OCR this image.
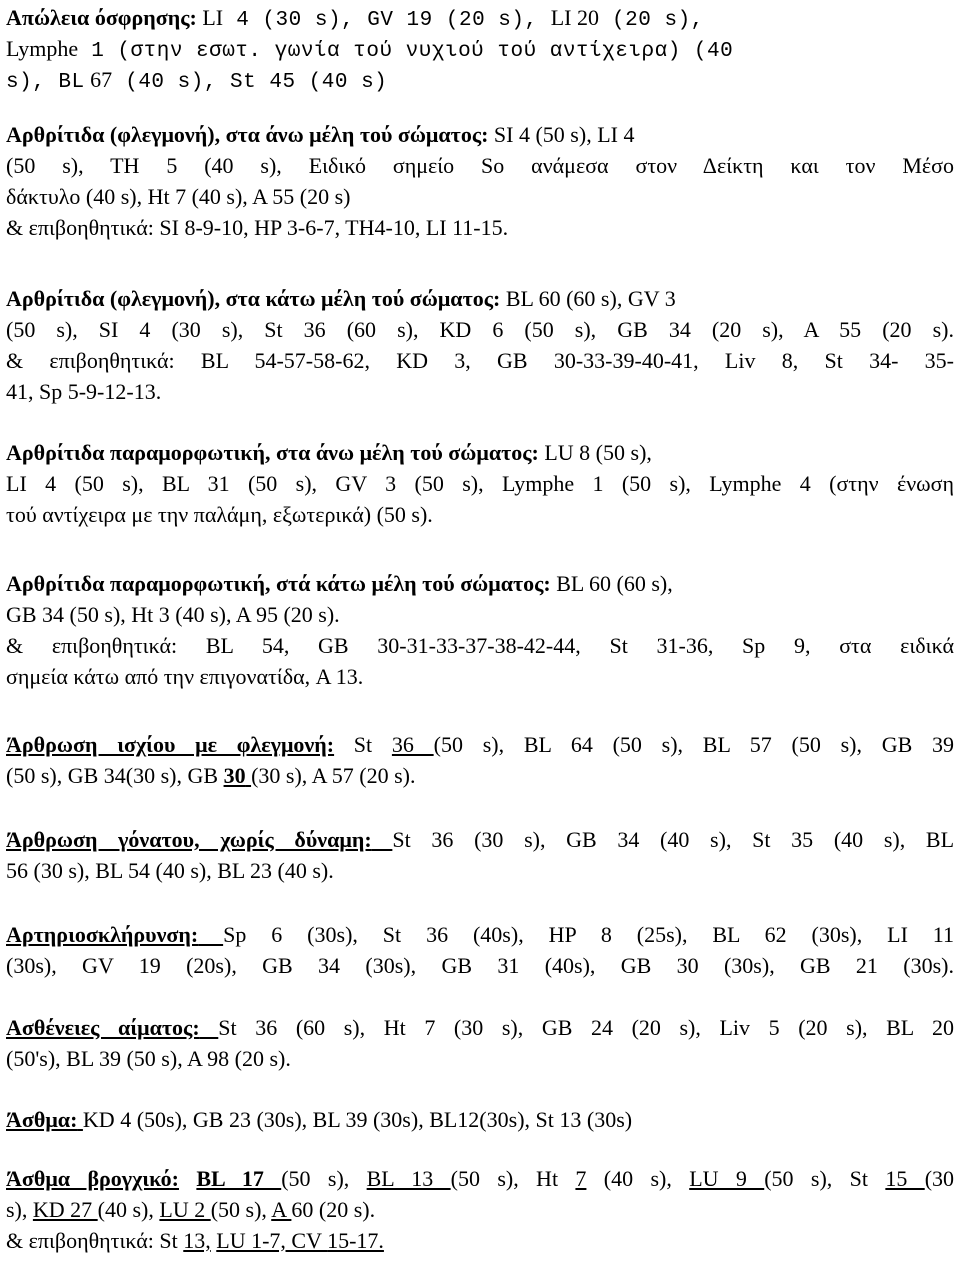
Απώλεια όσφρησης: LI 4 (30 s), GV 19 (20 s), LI 20 (20 s),
Lymphe 1 (στην εσωτ. γωνία τού νυχιού τού αντίχειρα) (40
s), BL 67 (40 s), St 45 (40 s)
Αρθρίτιδα (φλεγμονή), στα άνω μέλη τού σώματος: SI 4 (50 s), LI 4
(50 s), TH 5 (40 s), Ειδικό σημείο So ανάμεσα στον Δείκτη και τον Μέσο
δάκτυλο (40 s), Ht 7 (40 s), A 55 (20 s)
& επιβοηθητικά: SI 8-9-10, HP 3-6-7, TH4-10, LI 11-15.
Αρθρίτιδα (φλεγμονή), στα κάτω μέλη τού σώματος: BL 60 (60 s), GV 3
(50 s), SI 4 (30 s), St 36 (60 s), KD 6 (50 s), GB 34 (20 s), A 55 (20 s).
& επιβοηθητικά: BL 54-57-58-62, KD 3, GB 30-33-39-40-41, Liv 8, St 34- 35-
41, Sp 5-9-12-13.
Αρθρίτιδα παραμορφωτική, στα άνω μέλη τού σώματος: LU 8 (50 s),
LI 4 (50 s), BL 31 (50 s), GV 3 (50 s), Lymphe 1 (50 s), Lymphe 4 (στην ένωση
τού αντίχειρα με την παλάμη, εξωτερικά) (50 s).
Αρθρίτιδα παραμορφωτική, στά κάτω μέλη τού σώματος: BL 60 (60 s),
GB 34 (50 s), Ht 3 (40 s), A 95 (20 s).
& επιβοηθητικά: BL 54, GB 30-31-33-37-38-42-44, St 31-36, Sp 9, στα ειδικά
σημεία κάτω από την επιγονατίδα, A 13.
Άρθρωση ισχίου με φλεγμονή: St 36 (50 s), BL 64 (50 s), BL 57 (50 s), GB 39
(50 s), GB 34(30 s), GB 30 (30 s), A 57 (20 s).
Άρθρωση γόνατου, χωρίς δύναμη: St 36 (30 s), GB 34 (40 s), St 35 (40 s), BL
56 (30 s), BL 54 (40 s), BL 23 (40 s).
Αρτηριοσκλήρυνση: Sp 6 (30s), St 36 (40s), HP 8 (25s), BL 62 (30s), LI 11
(30s), GV 19 (20s), GB 34 (30s), GB 31 (40s), GB 30 (30s), GB 21 (30s).
Ασθένειες αίματος: St 36 (60 s), Ht 7 (30 s), GB 24 (20 s), Liv 5 (20 s), BL 20
(50's), BL 39 (50 s), A 98 (20 s).
Άσθμα: KD 4 (50s), GB 23 (30s), BL 39 (30s), BL12(30s), St 13 (30s)
Άσθμα βρογχικό: BL 17 (50 s), BL 13 (50 s), Ht 7 (40 s), LU 9 (50 s), St 15 (30
s), KD 27 (40 s), LU 2 (50 s), A 60 (20 s).
& επιβοηθητικά: St 13, LU 1-7, CV 15-17.
